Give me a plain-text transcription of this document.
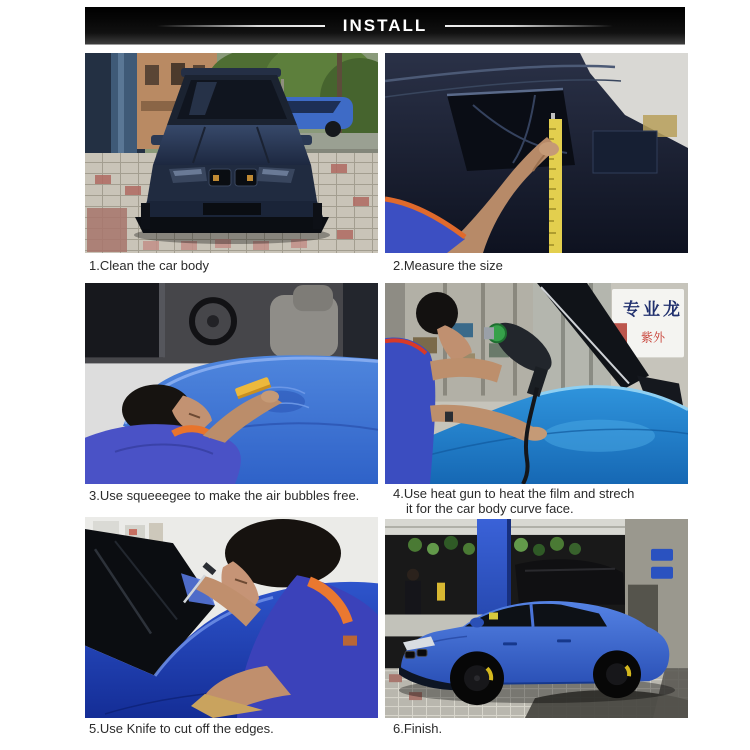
INSTALL
专业龙
紫外
1.Clean the car body	2.Measure the size
3.Use squeeegee to make the air bubbles free.	4.Use heat gun to heat the film and strech
it for the car body curve face.
5.Use Knife to cut off the edges.	6.Finish.
